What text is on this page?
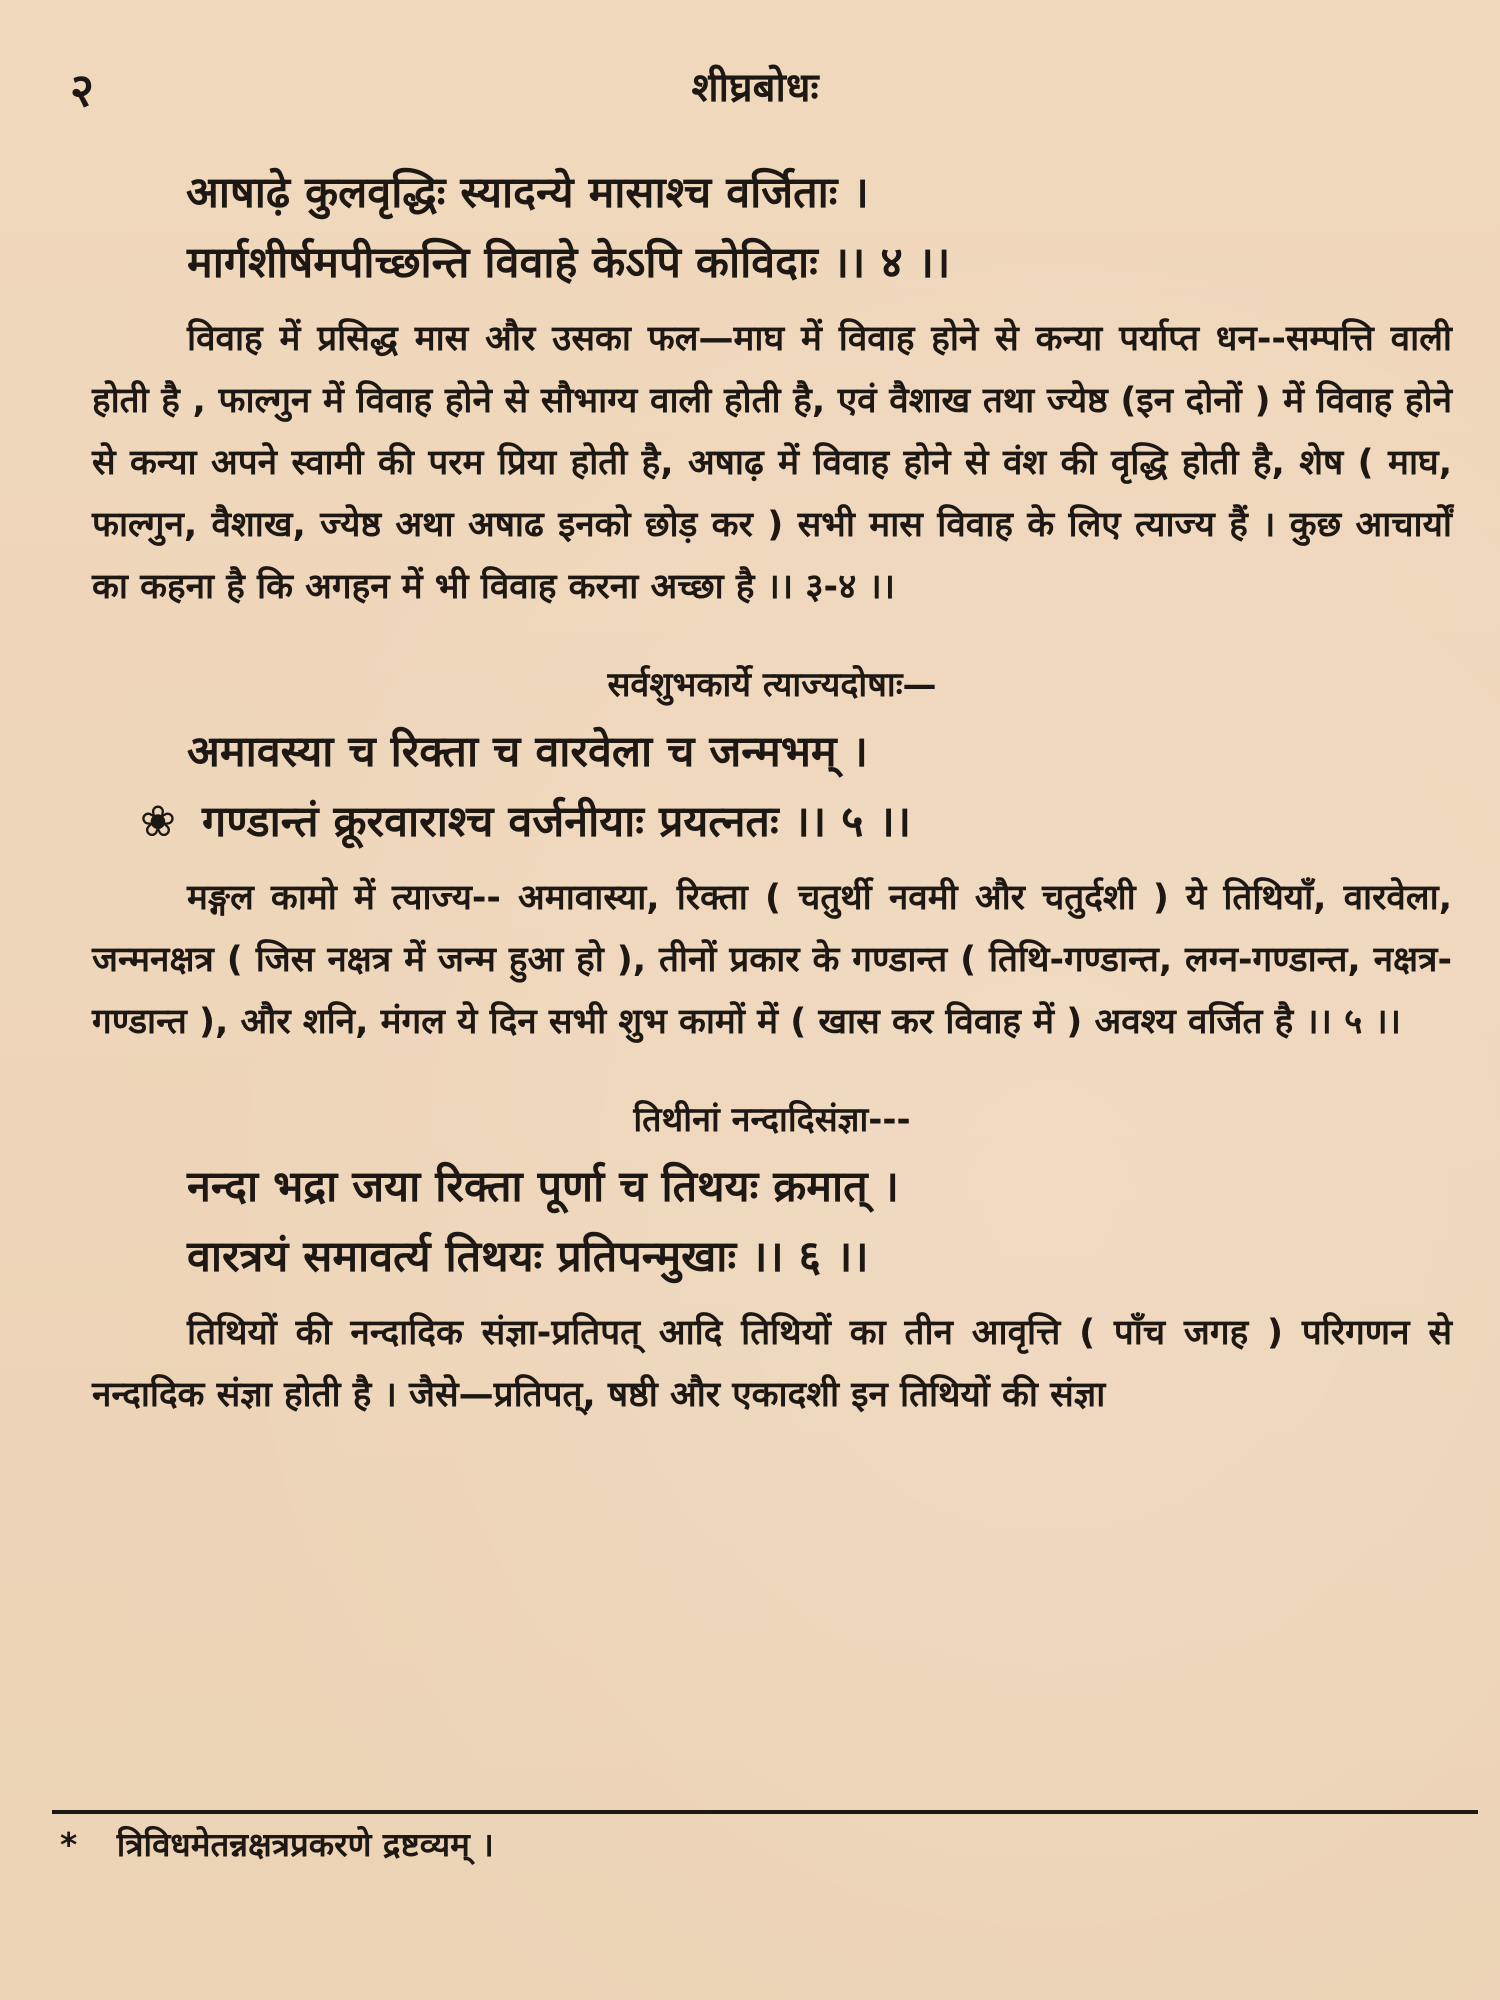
२	शीघ्रबोधः
आषाढ़े कुलवृद्धिः स्यादन्ये मासाश्च वर्जिताः ।
मार्गशीर्षमपीच्छन्ति विवाहे केऽपि कोविदाः ।। ४ ।।

विवाह में प्रसिद्ध मास और उसका फल—माघ में विवाह होने से कन्या पर्याप्त धन--सम्पत्ति वाली होती है , फाल्गुन में विवाह होने से सौभाग्य वाली होती है, एवं वैशाख तथा ज्येष्ठ (इन दोनों ) में विवाह होने से कन्या अपने स्वामी की परम प्रिया होती है, अषाढ़ में विवाह होने से वंश की वृद्धि होती है, शेष ( माघ, फाल्गुन, वैशाख, ज्येष्ठ अथा अषाढ इनको छोड़ कर ) सभी मास विवाह के लिए त्याज्य हैं । कुछ आचार्यों का कहना है कि अगहन में भी विवाह करना अच्छा है ।। ३-४ ।।

सर्वशुभकार्ये त्याज्यदोषाः—
अमावस्या च रिक्ता च वारवेला च जन्मभम् ।
❀ गण्डान्तं क्रूरवाराश्च वर्जनीयाः प्रयत्नतः ।। ५ ।।

मङ्गल कामो में त्याज्य-- अमावास्या, रिक्ता ( चतुर्थी नवमी और चतुर्दशी ) ये तिथियाँ, वारवेला, जन्मनक्षत्र ( जिस नक्षत्र में जन्म हुआ हो ), तीनों प्रकार के गण्डान्त ( तिथि-गण्डान्त, लग्न-गण्डान्त, नक्षत्र-गण्डान्त ), और शनि, मंगल ये दिन सभी शुभ कामों में ( खास कर विवाह में ) अवश्य वर्जित है ।। ५ ।।

तिथीनां नन्दादिसंज्ञा---
नन्दा भद्रा जया रिक्ता पूर्णा च तिथयः क्रमात् ।
वारत्रयं समावर्त्य तिथयः प्रतिपन्मुखाः ।। ६ ।।

तिथियों की नन्दादिक संज्ञा-प्रतिपत् आदि तिथियों का तीन आवृत्ति ( पाँच जगह ) परिगणन से नन्दादिक संज्ञा होती है । जैसे—प्रतिपत्, षष्ठी और एकादशी इन तिथियों की संज्ञा

* त्रिविधमेतन्नक्षत्रप्रकरणे द्रष्टव्यम् ।
